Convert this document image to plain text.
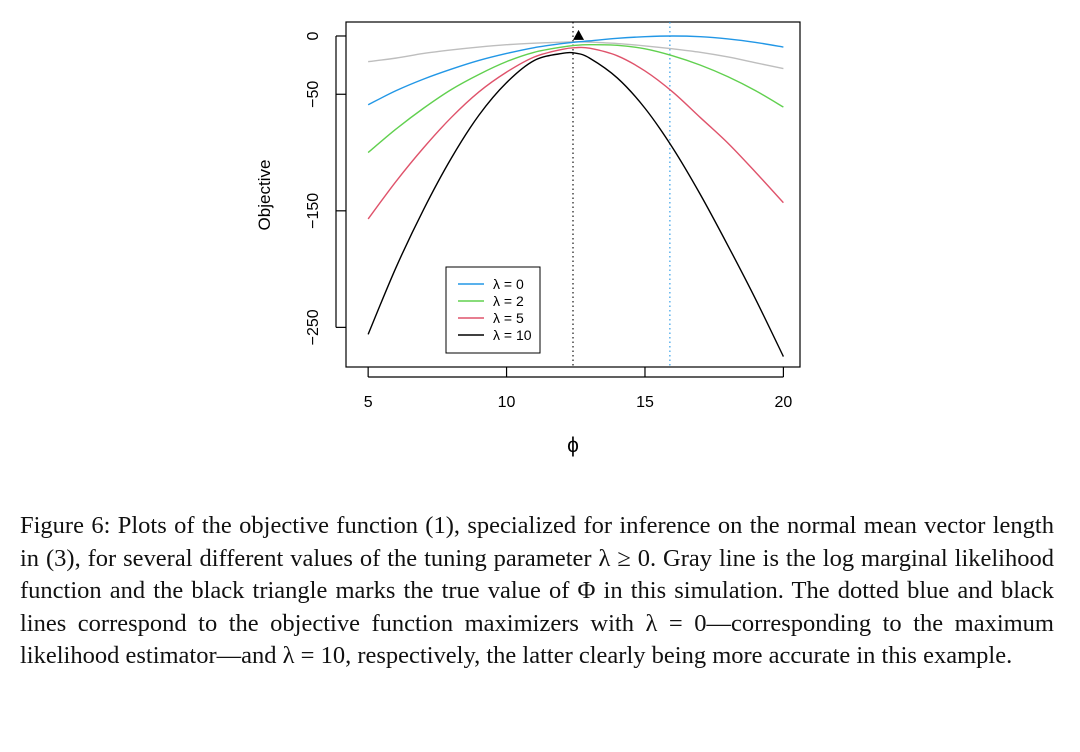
5	10	15	20
0
−50
−150
−250
ϕ
Objective
λ = 0
λ = 2
λ = 5
λ = 10

Figure 6: Plots of the objective function (1), specialized for inference on the normal mean vector length in (3), for several different values of the tuning parameter λ ≥ 0. Gray line is the log marginal likelihood function and the black triangle marks the true value of Φ in this simulation. The dotted blue and black lines correspond to the objective function maximizers with λ = 0—corresponding to the maximum likelihood estimator—and λ = 10, respectively, the latter clearly being more accurate in this example.
